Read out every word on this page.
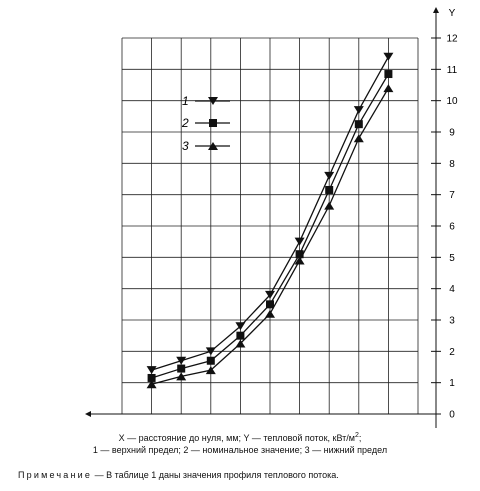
Y
0
1
2
3
4
5
6
7
8
9
10
11
12
1
2
3
X — расстояние до нуля, мм; Y — тепловой поток, кВт/$м^2$;
1 — верхний предел; 2 — номинальное значение; 3 — нижний предел
Примечание — В таблице 1 даны значения профиля теплового потока.
